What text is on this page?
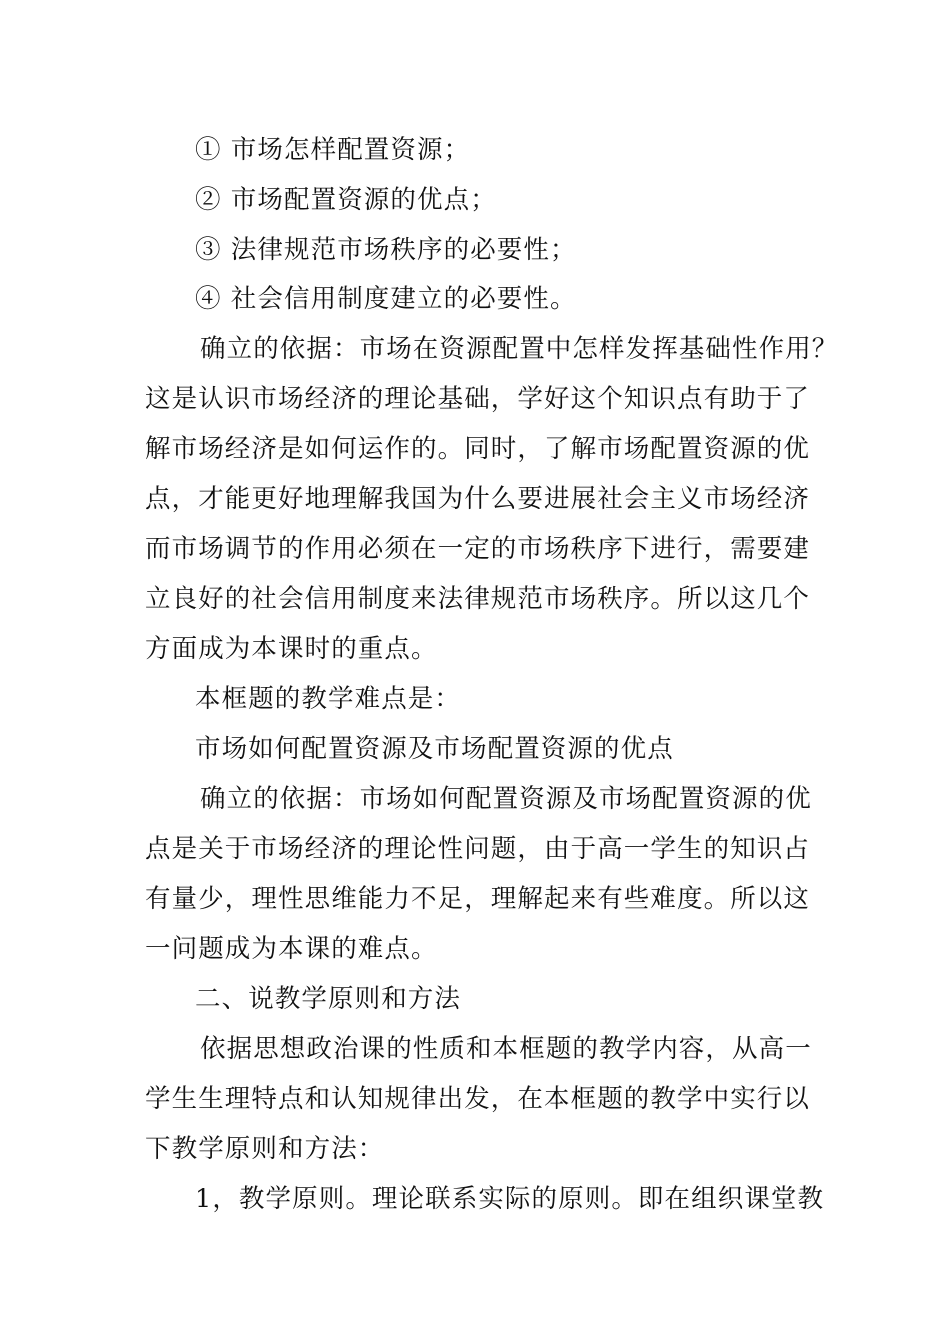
① 市场怎样配置资源；
② 市场配置资源的优点；
③ 法律规范市场秩序的必要性；
④ 社会信用制度建立的必要性。
确立的依据：市场在资源配置中怎样发挥基础性作用？
这是认识市场经济的理论基础，学好这个知识点有助于了
解市场经济是如何运作的。同时，了解市场配置资源的优
点，才能更好地理解我国为什么要进展社会主义市场经济
而市场调节的作用必须在一定的市场秩序下进行，需要建
立良好的社会信用制度来法律规范市场秩序。所以这几个
方面成为本课时的重点。
本框题的教学难点是：
市场如何配置资源及市场配置资源的优点
确立的依据：市场如何配置资源及市场配置资源的优
点是关于市场经济的理论性问题，由于高一学生的知识占
有量少，理性思维能力不足，理解起来有些难度。所以这
一问题成为本课的难点。
二、说教学原则和方法
依据思想政治课的性质和本框题的教学内容，从高一
学生生理特点和认知规律出发，在本框题的教学中实行以
下教学原则和方法：
1，教学原则。理论联系实际的原则。即在组织课堂教
